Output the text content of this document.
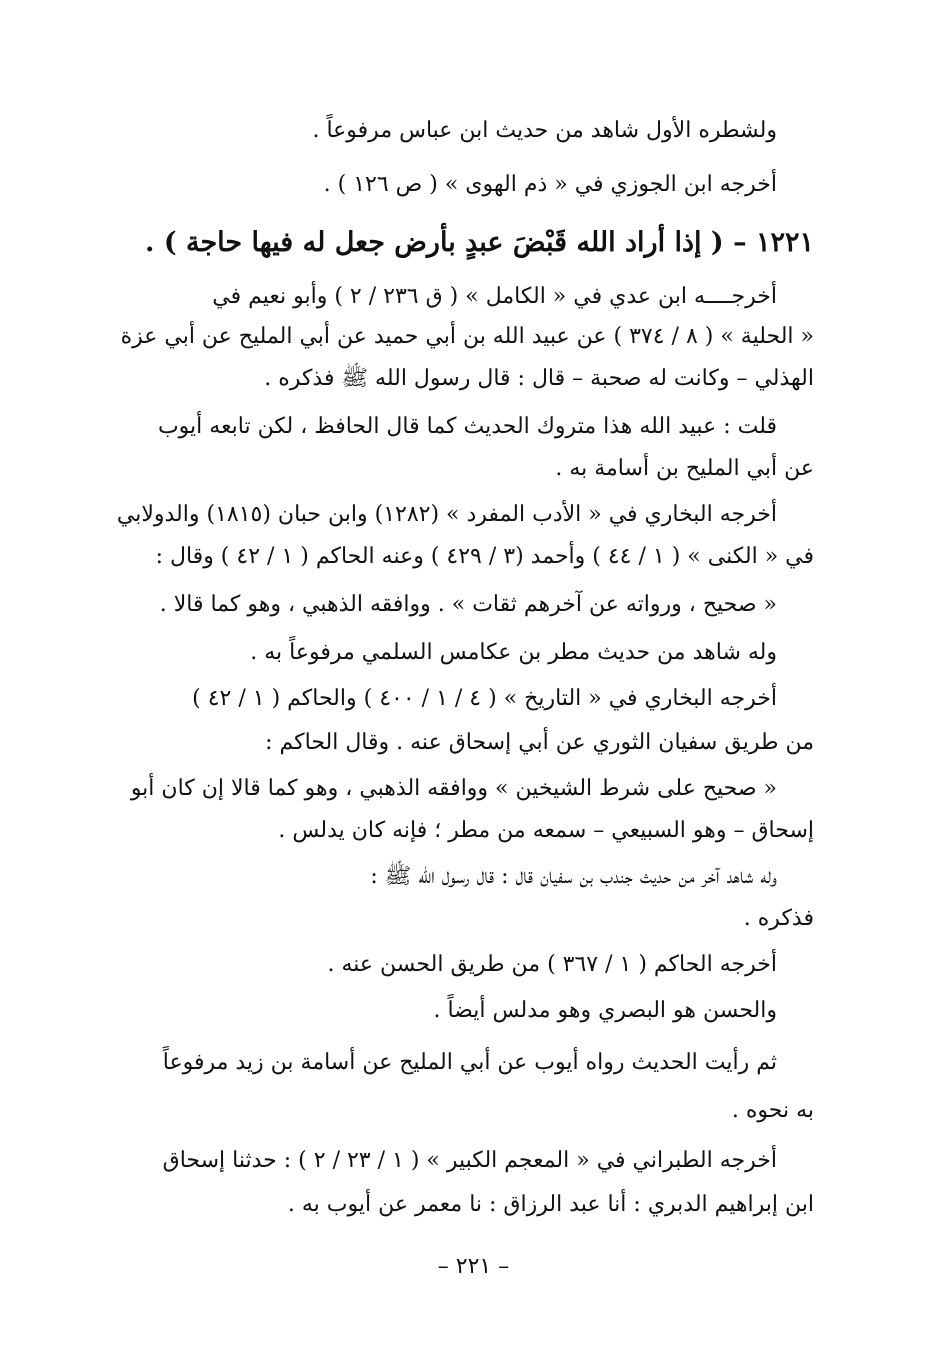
ولشطره الأول شاهد من حديث ابن عباس مرفوعاً .
أخرجه ابن الجوزي في « ذم الهوى » ( ص ١٢٦ ) .
١٢٢١ – ( إذا أراد الله قَبْضَ عبدٍ بأرض جعل له فيها حاجة ) .
أخرجــــه ابن عدي في « الكامل » ( ق ٢٣٦ / ٢ ) وأبو نعيم في
« الحلية » ( ٨ / ٣٧٤ ) عن عبيد الله بن أبي حميد عن أبي المليح عن أبي عزة
الهذلي – وكانت له صحبة – قال : قال رسول الله ﷺ فذكره .
قلت : عبيد الله هذا متروك الحديث كما قال الحافظ ، لكن تابعه أيوب
عن أبي المليح بن أسامة به .
أخرجه البخاري في « الأدب المفرد » (١٢٨٢) وابن حبان (١٨١٥) والدولابي
في « الكنى » ( ١ / ٤٤ ) وأحمد (٣ / ٤٢٩ ) وعنه الحاكم ( ١ / ٤٢ ) وقال :
« صحيح ، ورواته عن آخرهم ثقات » . ووافقه الذهبي ، وهو كما قالا .
وله شاهد من حديث مطر بن عكامس السلمي مرفوعاً به .
أخرجه البخاري في « التاريخ » ( ٤ / ١ / ٤٠٠ ) والحاكم ( ١ / ٤٢ )
من طريق سفيان الثوري عن أبي إسحاق عنه . وقال الحاكم :
« صحيح على شرط الشيخين » ووافقه الذهبي ، وهو كما قالا إن كان أبو
إسحاق – وهو السبيعي – سمعه من مطر ؛ فإنه كان يدلس .
وله شاهد آخر من حديث جندب بن سفيان قال : قال رسول الله ﷺ :
فذكره .
أخرجه الحاكم ( ١ / ٣٦٧ ) من طريق الحسن عنه .
والحسن هو البصري وهو مدلس أيضاً .
ثم رأيت الحديث رواه أيوب عن أبي المليح عن أسامة بن زيد مرفوعاً
به نحوه .
أخرجه الطبراني في « المعجم الكبير » ( ١ / ٢٣ / ٢ ) : حدثنا إسحاق
ابن إبراهيم الدبري : أنا عبد الرزاق : نا معمر عن أيوب به .
– ٢٢١ –
